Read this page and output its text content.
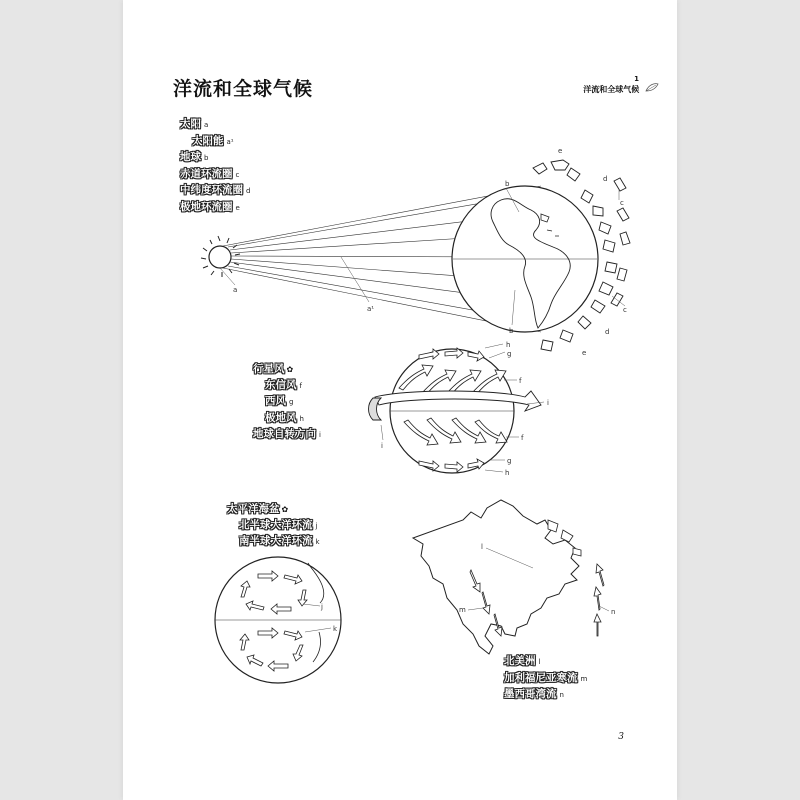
洋流和全球气候	1
洋流和全球气候
太阳 a
太阳能 a¹
地球 b
赤道环流圈 c
中纬度环流圈 d
极地环流圈 e
行星风 ✿
东信风 f
西风 g
极地风 h
地球自转方向 i
太平洋海盆 ✿
北半球大洋环流 j
南半球大洋环流 k
北美洲 l
加利福尼亚寒流 m
墨西哥湾流 n
3
a
a¹
b
b
c
c
d
d
e
e
h
g
f
i
f
g
h
i
j
k
l
m	n
